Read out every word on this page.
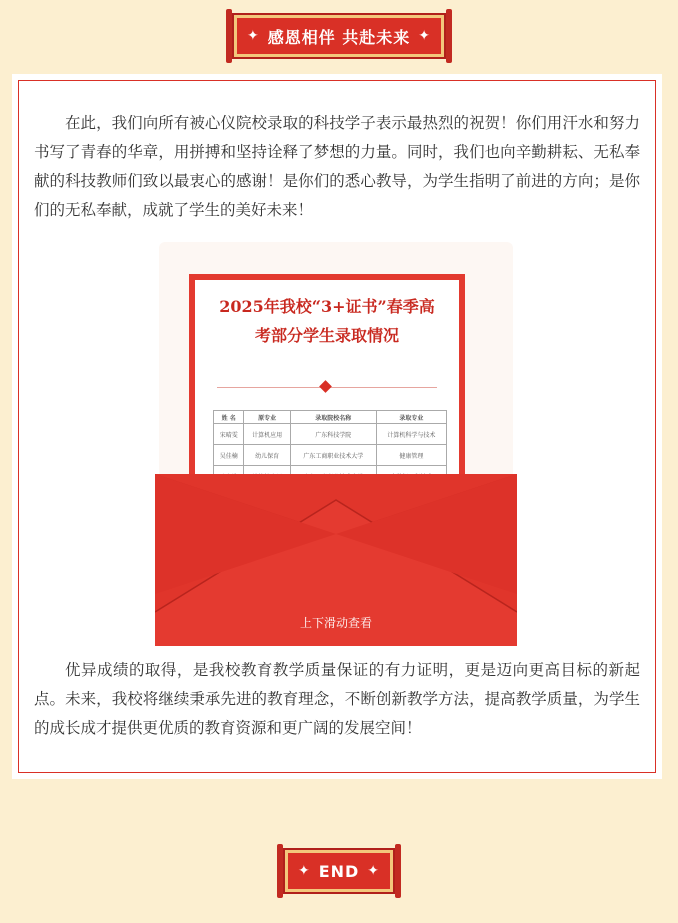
✦ 感恩相伴 共赴未来 ✦

在此，我们向所有被心仪院校录取的科技学子表示最热烈的祝贺！你们用汗水和努力书写了青春的华章，用拼搏和坚持诠释了梦想的力量。同时，我们也向辛勤耕耘、无私奉献的科技教师们致以最衷心的感谢！是你们的悉心教导，为学生指明了前进的方向；是你们的无私奉献，成就了学生的美好未来！

2025年我校“3+证书”春季高考部分学生录取情况
姓 名	原专业	录取院校名称	录取专业
宋晴雯	计算机应用	广东科技学院	计算机科学与技术
吴佳楠	幼儿保育	广东工商职业技术大学	健康管理

上下滑动查看

优异成绩的取得，是我校教育教学质量保证的有力证明，更是迈向更高目标的新起点。未来，我校将继续秉承先进的教育理念，不断创新教学方法，提高教学质量，为学生的成长成才提供更优质的教育资源和更广阔的发展空间！

✦ END ✦
